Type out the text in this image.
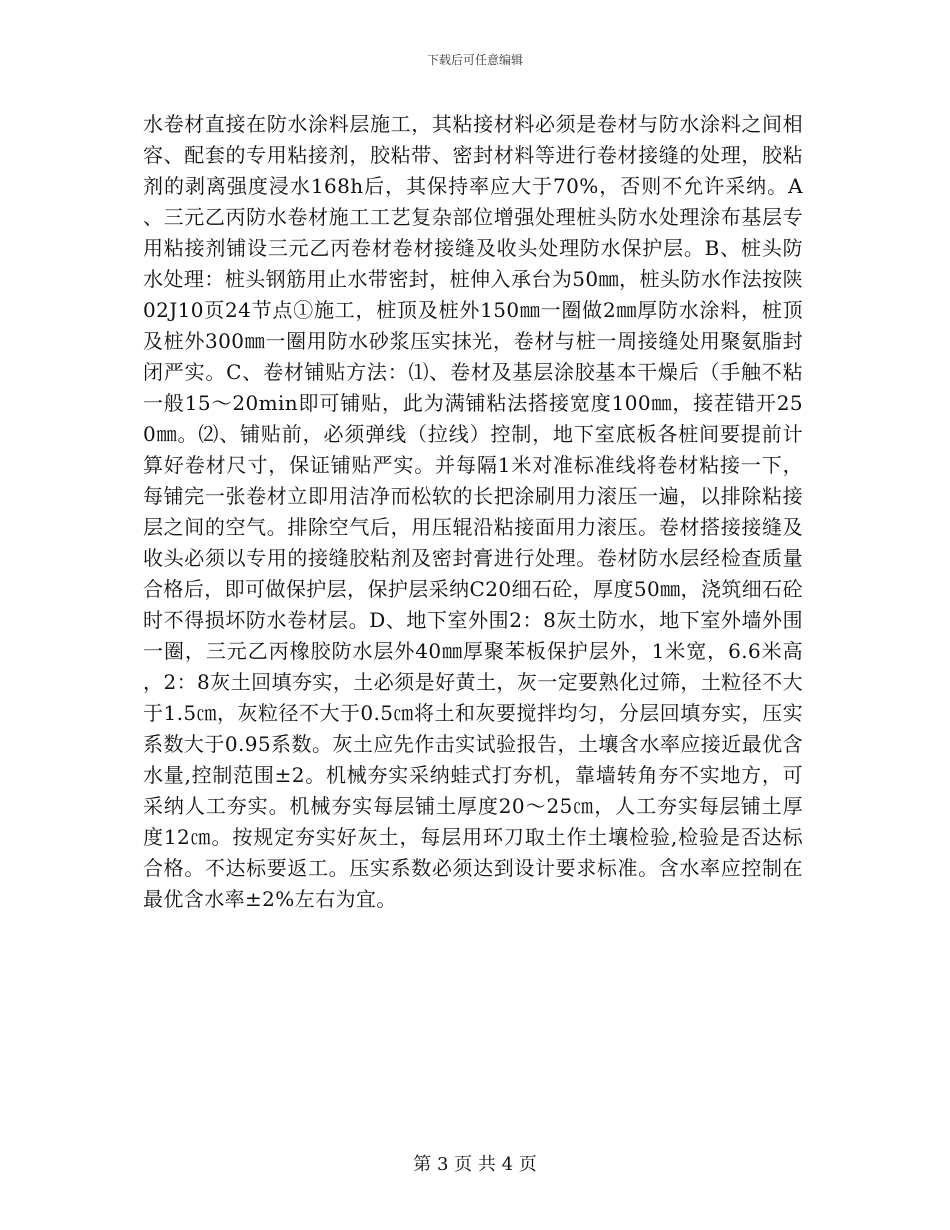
下载后可任意编辑

水卷材直接在防水涂料层施工，其粘接材料必须是卷材与防水涂料之间相容、配套的专用粘接剂，胶粘带、密封材料等进行卷材接缝的处理，胶粘剂的剥离强度浸水168h后，其保持率应大于70%，否则不允许采纳。A、三元乙丙防水卷材施工工艺复杂部位增强处理桩头防水处理涂布基层专用粘接剂铺设三元乙丙卷材卷材接缝及收头处理防水保护层。B、桩头防水处理：桩头钢筋用止水带密封，桩伸入承台为50㎜，桩头防水作法按陕02J10页24节点①施工，桩顶及桩外150㎜一圈做2㎜厚防水涂料，桩顶及桩外300㎜一圈用防水砂浆压实抹光，卷材与桩一周接缝处用聚氨脂封闭严实。C、卷材铺贴方法：⑴、卷材及基层涂胶基本干燥后（手触不粘一般15～20min即可铺贴，此为满铺粘法搭接宽度100㎜，接茬错开250㎜。⑵、铺贴前，必须弹线（拉线）控制，地下室底板各桩间要提前计算好卷材尺寸，保证铺贴严实。并每隔1米对准标准线将卷材粘接一下，每铺完一张卷材立即用洁净而松软的长把涂刷用力滚压一遍，以排除粘接层之间的空气。排除空气后，用压辊沿粘接面用力滚压。卷材搭接接缝及收头必须以专用的接缝胶粘剂及密封膏进行处理。卷材防水层经检查质量合格后，即可做保护层，保护层采纳C20细石砼，厚度50㎜，浇筑细石砼时不得损坏防水卷材层。D、地下室外围2：8灰土防水，地下室外墙外围一圈，三元乙丙橡胶防水层外40㎜厚聚苯板保护层外，1米宽，6.6米高，2：8灰土回填夯实，土必须是好黄土，灰一定要熟化过筛，土粒径不大于1.5㎝，灰粒径不大于0.5㎝将土和灰要搅拌均匀，分层回填夯实，压实系数大于0.95系数。灰土应先作击实试验报告，土壤含水率应接近最优含水量,控制范围±2。机械夯实采纳蛙式打夯机，靠墙转角夯不实地方，可采纳人工夯实。机械夯实每层铺土厚度20～25㎝，人工夯实每层铺土厚度12㎝。按规定夯实好灰土，每层用环刀取土作土壤检验,检验是否达标合格。不达标要返工。压实系数必须达到设计要求标准。含水率应控制在最优含水率±2%左右为宜。

第 3 页 共 4 页
